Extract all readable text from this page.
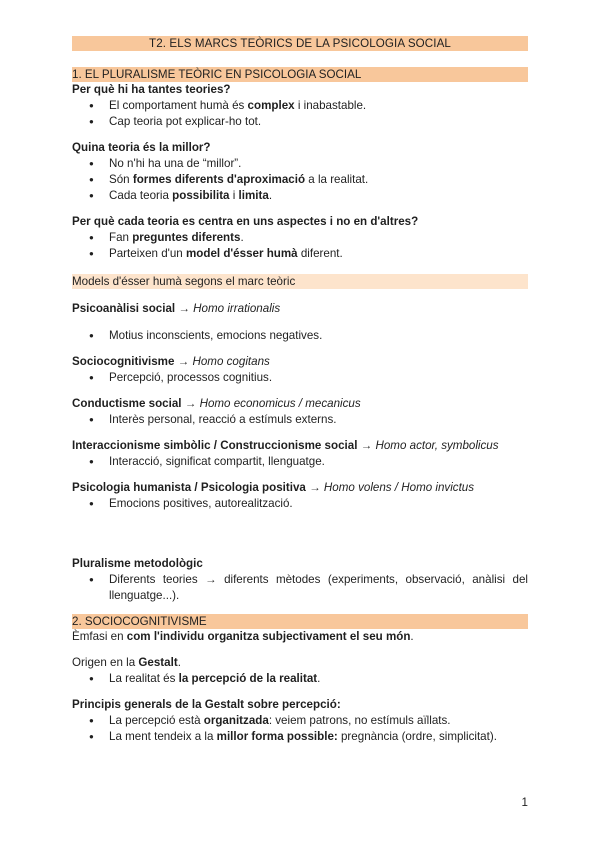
T2. ELS MARCS TEÒRICS DE LA PSICOLOGIA SOCIAL
1. EL PLURALISME TEÒRIC EN PSICOLOGIA SOCIAL

Per què hi ha tantes teories?

● El comportament humà és complex i inabastable.
● Cap teoria pot explicar-ho tot.

Quina teoria és la millor?

● No n'hi ha una de “millor”.
● Són formes diferents d'aproximació a la realitat.
● Cada teoria possibilita i limita.

Per què cada teoria es centra en uns aspectes i no en d'altres?

● Fan preguntes diferents.
● Parteixen d'un model d'ésser humà diferent.
Models d'ésser humà segons el marc teòric

Psicoanàlisi social → Homo irrationalis

● Motius inconscients, emocions negatives.

Sociocognitivisme → Homo cogitans

● Percepció, processos cognitius.

Conductisme social → Homo economicus / mecanicus

● Interès personal, reacció a estímuls externs.

Interaccionisme simbòlic / Construccionisme social → Homo actor, symbolicus

● Interacció, significat compartit, llenguatge.

Psicologia humanista / Psicologia positiva → Homo volens / Homo invictus

● Emocions positives, autorealització.

Pluralisme metodològic

● Diferents teories → diferents mètodes (experiments, observació, anàlisi del llenguatge...).
2. SOCIOCOGNITIVISME

Èmfasi en com l'individu organitza subjectivament el seu món.

Origen en la Gestalt.

● La realitat és la percepció de la realitat.

Principis generals de la Gestalt sobre percepció:

● La percepció està organitzada: veiem patrons, no estímuls aïllats.
● La ment tendeix a la millor forma possible: pregnància (ordre, simplicitat).
1
